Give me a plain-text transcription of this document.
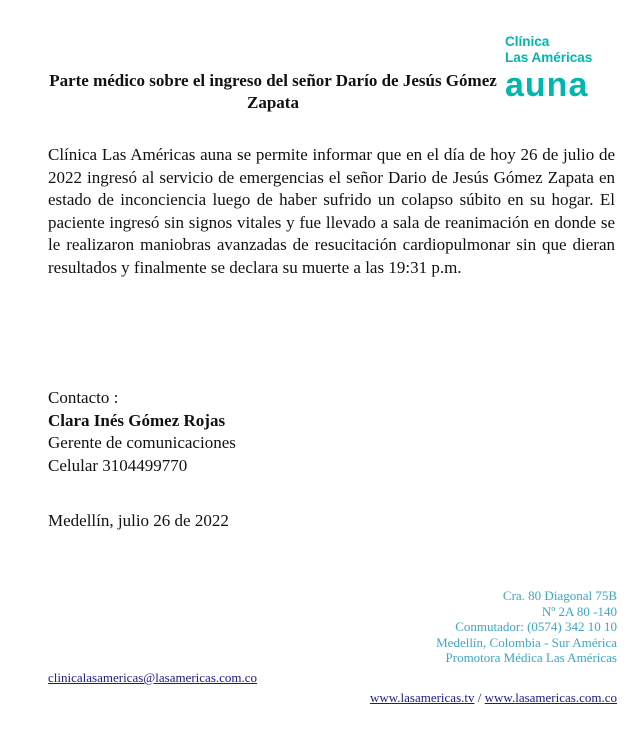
Clínica
Las Américas
auna
Parte médico sobre el ingreso del señor Darío de Jesús Gómez Zapata
Clínica Las Américas auna se permite informar que en el día de hoy 26 de julio de 2022 ingresó al servicio de emergencias el señor Dario de Jesús Gómez Zapata en estado de inconciencia luego de haber sufrido un colapso súbito en su hogar. El paciente ingresó sin signos vitales y fue llevado a sala de reanimación en donde se le realizaron maniobras avanzadas de resucitación cardiopulmonar sin que dieran resultados y finalmente se declara su muerte a las 19:31 p.m.
Contacto :
Clara Inés Gómez Rojas
Gerente de comunicaciones
Celular 3104499770
Medellín, julio 26 de 2022
Cra. 80 Diagonal 75B
Nº 2A 80 -140
Conmutador: (0574) 342 10 10
Medellín, Colombia - Sur América
Promotora Médica Las Américas
clinicalasamericas@lasamericas.com.co
www.lasamericas.tv / www.lasamericas.com.co
